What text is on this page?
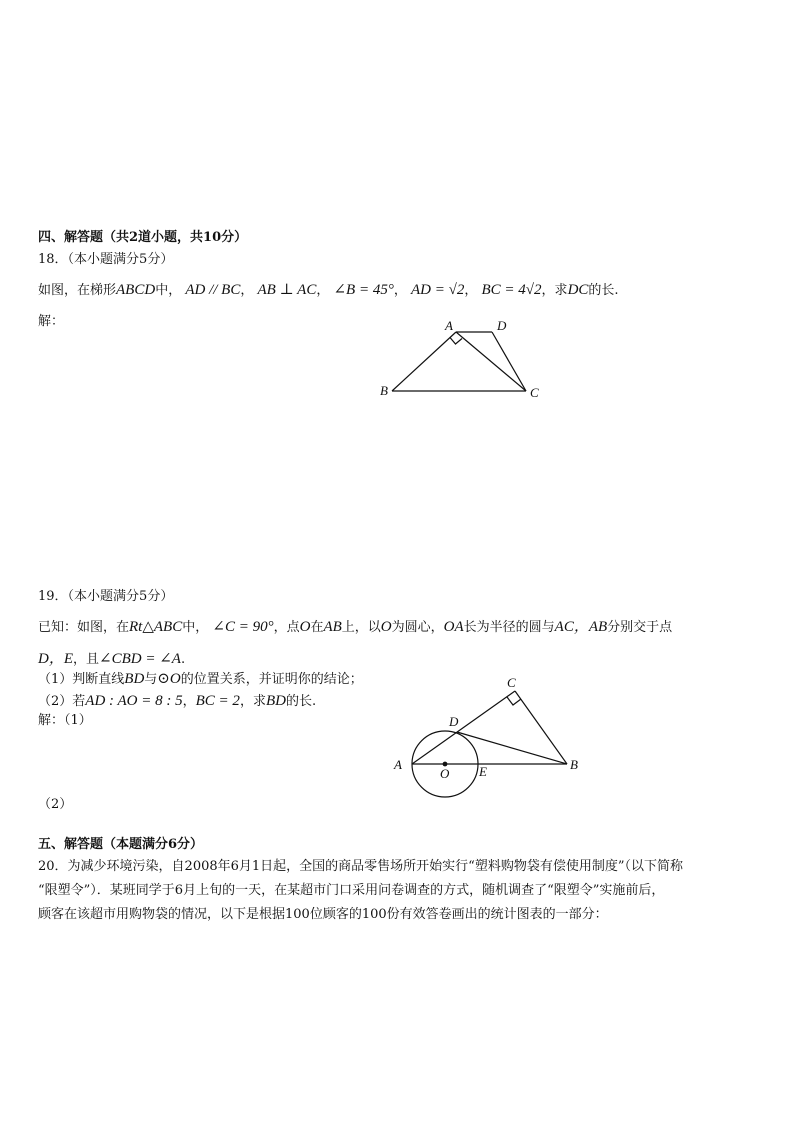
四、解答题（共2道小题，共10分）
18．（本小题满分5分）
如图，在梯形ABCD中， AD // BC， AB ⊥ AC， ∠B = 45°， AD = √2， BC = 4√2，求DC的长.
解：	A	D
B	C
19．（本小题满分5分）
已知：如图，在Rt△ABC中， ∠C = 90°，点O在AB上，以O为圆心，OA长为半径的圆与AC，AB分别交于点
D，E，且∠CBD = ∠A.
（1）判断直线BD与⊙O的位置关系，并证明你的结论；
（2）若AD : AO = 8 : 5，BC = 2，求BD的长.
解：（1）
（2）
C
D
A
O E	B
五、解答题（本题满分6分）
20．为减少环境污染，自2008年6月1日起，全国的商品零售场所开始实行“塑料购物袋有偿使用制度”（以下简称
“限塑令”）．某班同学于6月上旬的一天，在某超市门口采用问卷调查的方式，随机调查了“限塑令”实施前后，
顾客在该超市用购物袋的情况，以下是根据100位顾客的100份有效答卷画出的统计图表的一部分：
